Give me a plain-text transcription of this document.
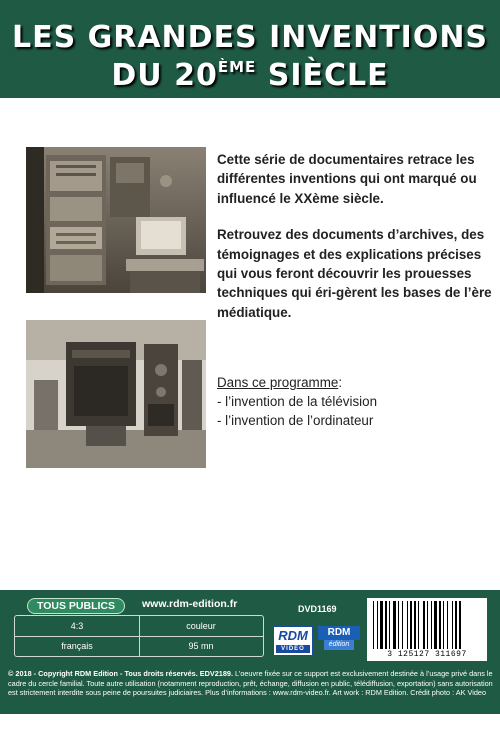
LES GRANDES INVENTIONS
DU 20ÈME SIÈCLE

Cette série de documentaires retrace les différentes inventions qui ont marqué ou influencé le XXème siècle.

Retrouvez des documents d’archives, des témoignages et des explications précises qui vous feront découvrir les prouesses techniques qui éri-gèrent les bases de l’ère médiatique.

Dans ce programme:
- l’invention de la télévision
- l’invention de l’ordinateur
TOUS PUBLICS	www.rdm-edition.fr	DVD1169
4:3	couleur
français	95 mn
RDM
VIDEO
RDM
édition
3 125127 311697
© 2018 - Copyright RDM Edition - Tous droits réservés. EDV2189. L’oeuvre fixée sur ce support est exclusivement destinée à l’usage privé dans le cadre du cercle familial. Toute autre utilisation (notamment reproduction, prêt, échange, diffusion en public, télédiffusion, exportation) sans autorisation est strictement interdite sous peine de poursuites judiciaires. Plus d’informations : www.rdm-video.fr. Art work : RDM Edition. Crédit photo : AK Video
